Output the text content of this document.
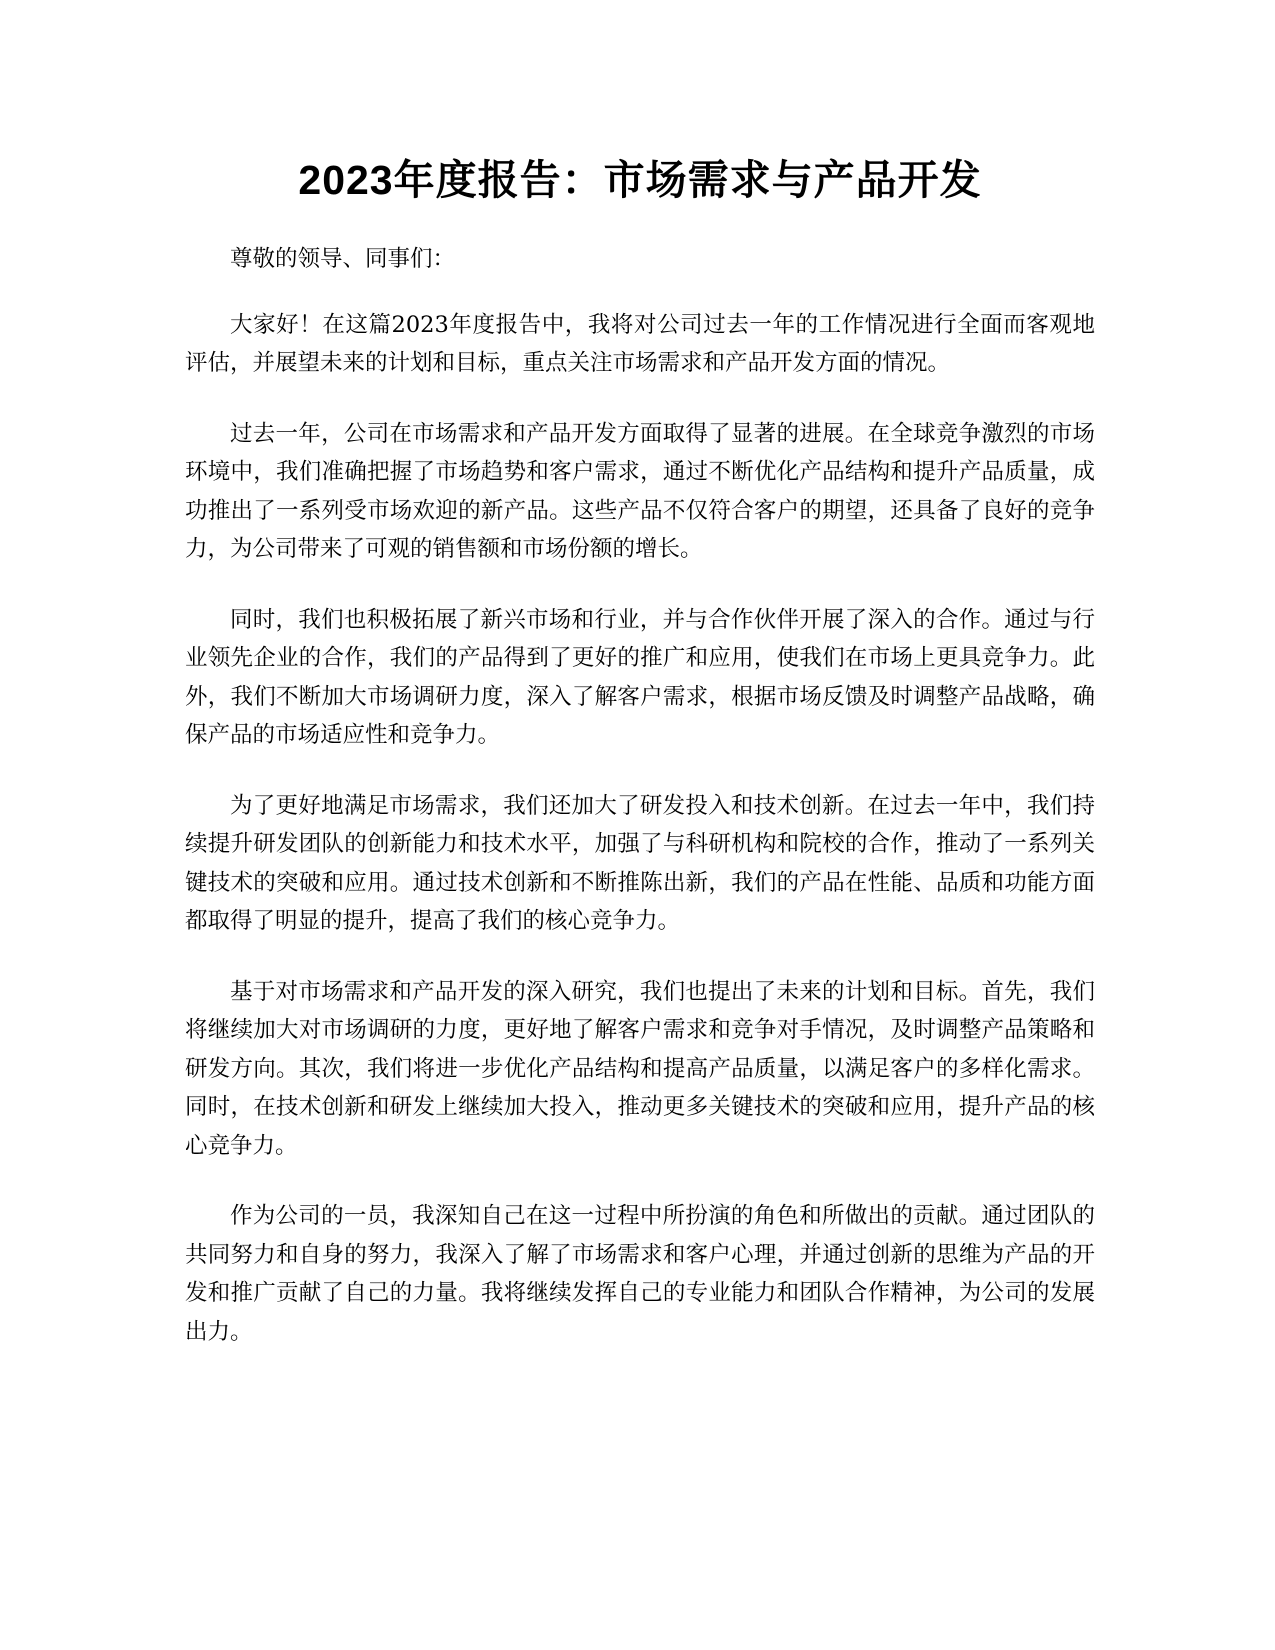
2023年度报告：市场需求与产品开发

尊敬的领导、同事们：

大家好！在这篇2023年度报告中，我将对公司过去一年的工作情况进行全面而客观地评估，并展望未来的计划和目标，重点关注市场需求和产品开发方面的情况。

过去一年，公司在市场需求和产品开发方面取得了显著的进展。在全球竞争激烈的市场环境中，我们准确把握了市场趋势和客户需求，通过不断优化产品结构和提升产品质量，成功推出了一系列受市场欢迎的新产品。这些产品不仅符合客户的期望，还具备了良好的竞争力，为公司带来了可观的销售额和市场份额的增长。

同时，我们也积极拓展了新兴市场和行业，并与合作伙伴开展了深入的合作。通过与行业领先企业的合作，我们的产品得到了更好的推广和应用，使我们在市场上更具竞争力。此外，我们不断加大市场调研力度，深入了解客户需求，根据市场反馈及时调整产品战略，确保产品的市场适应性和竞争力。

为了更好地满足市场需求，我们还加大了研发投入和技术创新。在过去一年中，我们持续提升研发团队的创新能力和技术水平，加强了与科研机构和院校的合作，推动了一系列关键技术的突破和应用。通过技术创新和不断推陈出新，我们的产品在性能、品质和功能方面都取得了明显的提升，提高了我们的核心竞争力。

基于对市场需求和产品开发的深入研究，我们也提出了未来的计划和目标。首先，我们将继续加大对市场调研的力度，更好地了解客户需求和竞争对手情况，及时调整产品策略和研发方向。其次，我们将进一步优化产品结构和提高产品质量，以满足客户的多样化需求。同时，在技术创新和研发上继续加大投入，推动更多关键技术的突破和应用，提升产品的核心竞争力。

作为公司的一员，我深知自己在这一过程中所扮演的角色和所做出的贡献。通过团队的共同努力和自身的努力，我深入了解了市场需求和客户心理，并通过创新的思维为产品的开发和推广贡献了自己的力量。我将继续发挥自己的专业能力和团队合作精神，为公司的发展出力。
